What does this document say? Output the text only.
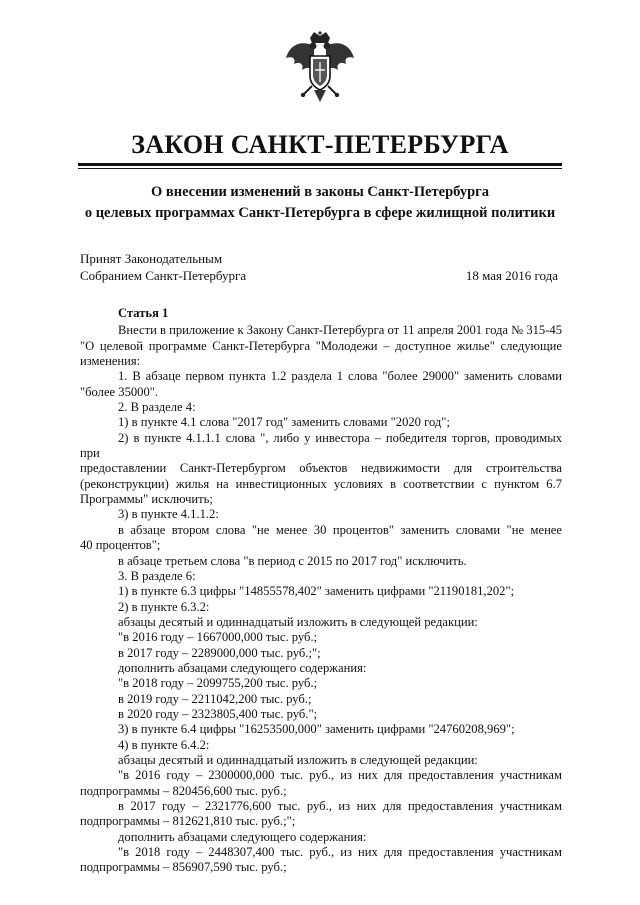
ЗАКОН САНКТ-ПЕТЕРБУРГА
О внесении изменений в законы Санкт-Петербурга
о целевых программах Санкт-Петербурга в сфере жилищной политики
Принят Законодательным
Собранием Санкт-Петербурга	18 мая 2016 года
Статья 1
Внести в приложение к Закону Санкт-Петербурга от 11 апреля 2001 года № 315-45
"О целевой программе Санкт-Петербурга "Молодежи – доступное жилье" следующие
изменения:
1. В абзаце первом пункта 1.2 раздела 1 слова "более 29000" заменить словами
"более 35000".
2. В разделе 4:
1) в пункте 4.1 слова "2017 год" заменить словами "2020 год";
2) в пункте 4.1.1.1 слова ", либо у инвестора – победителя торгов, проводимых при
предоставлении Санкт-Петербургом объектов недвижимости для строительства
(реконструкции) жилья на инвестиционных условиях в соответствии с пунктом 6.7
Программы" исключить;
3) в пункте 4.1.1.2:
в абзаце втором слова "не менее 30 процентов" заменить словами "не менее
40 процентов";
в абзаце третьем слова "в период с 2015 по 2017 год" исключить.
3. В разделе 6:
1) в пункте 6.3 цифры "14855578,402" заменить цифрами "21190181,202";
2) в пункте 6.3.2:
абзацы десятый и одиннадцатый изложить в следующей редакции:
"в 2016 году – 1667000,000 тыс. руб.;
в 2017 году – 2289000,000 тыс. руб.;";
дополнить абзацами следующего содержания:
"в 2018 году – 2099755,200 тыс. руб.;
в 2019 году – 2211042,200 тыс. руб.;
в 2020 году – 2323805,400 тыс. руб.";
3) в пункте 6.4 цифры "16253500,000" заменить цифрами "24760208,969";
4) в пункте 6.4.2:
абзацы десятый и одиннадцатый изложить в следующей редакции:
"в 2016 году – 2300000,000 тыс. руб., из них для предоставления участникам
подпрограммы – 820456,600 тыс. руб.;
в 2017 году – 2321776,600 тыс. руб., из них для предоставления участникам
подпрограммы – 812621,810 тыс. руб.;";
дополнить абзацами следующего содержания:
"в 2018 году – 2448307,400 тыс. руб., из них для предоставления участникам
подпрограммы – 856907,590 тыс. руб.;
